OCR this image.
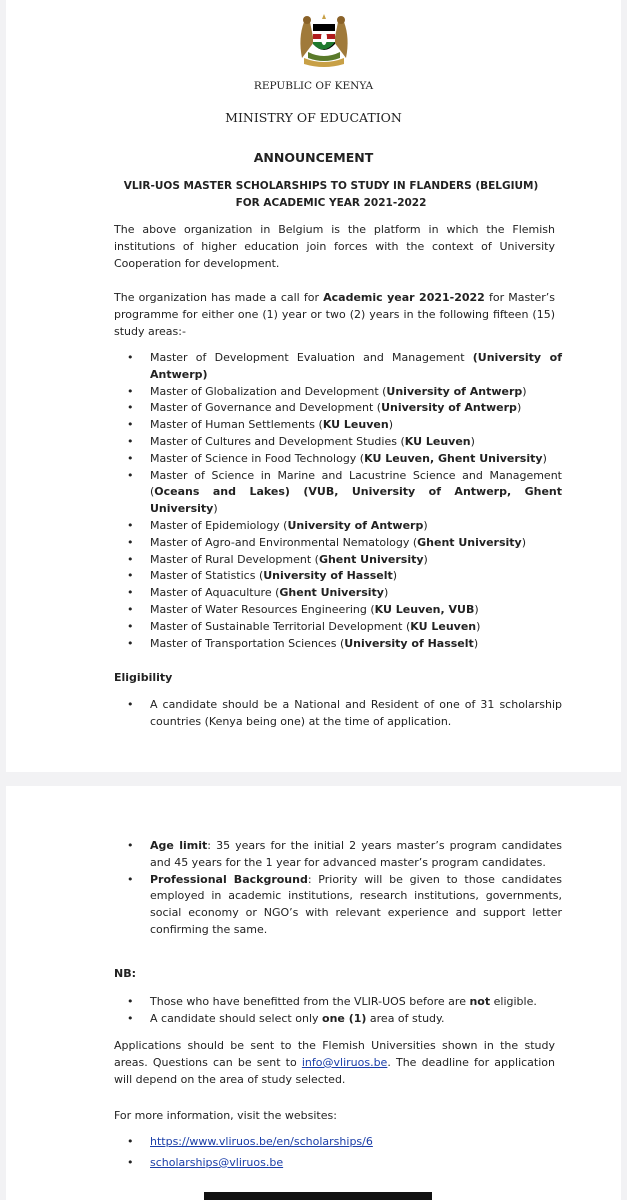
REPUBLIC OF KENYA
MINISTRY OF EDUCATION
ANNOUNCEMENT
VLIR-UOS MASTER SCHOLARSHIPS TO STUDY IN FLANDERS (BELGIUM) FOR ACADEMIC YEAR 2021-2022
The above organization in Belgium is the platform in which the Flemish institutions of higher education join forces with the context of University Cooperation for development.
The organization has made a call for Academic year 2021-2022 for Master’s programme for either one (1) year or two (2) years in the following fifteen (15) study areas:-
• Master of Development Evaluation and Management (University of Antwerp)
• Master of Globalization and Development (University of Antwerp)
• Master of Governance and Development (University of Antwerp)
• Master of Human Settlements (KU Leuven)
• Master of Cultures and Development Studies (KU Leuven)
• Master of Science in Food Technology (KU Leuven, Ghent University)
• Master of Science in Marine and Lacustrine Science and Management (Oceans and Lakes) (VUB, University of Antwerp, Ghent University)
• Master of Epidemiology (University of Antwerp)
• Master of Agro-and Environmental Nematology (Ghent University)
• Master of Rural Development (Ghent University)
• Master of Statistics (University of Hasselt)
• Master of Aquaculture (Ghent University)
• Master of Water Resources Engineering (KU Leuven, VUB)
• Master of Sustainable Territorial Development (KU Leuven)
• Master of Transportation Sciences (University of Hasselt)
Eligibility
• A candidate should be a National and Resident of one of 31 scholarship countries (Kenya being one) at the time of application.
• Age limit: 35 years for the initial 2 years master’s program candidates and 45 years for the 1 year for advanced master’s program candidates.
• Professional Background: Priority will be given to those candidates employed in academic institutions, research institutions, governments, social economy or NGO’s with relevant experience and support letter confirming the same.
NB:
• Those who have benefitted from the VLIR-UOS before are not eligible.
• A candidate should select only one (1) area of study.
Applications should be sent to the Flemish Universities shown in the study areas. Questions can be sent to info@vliruos.be. The deadline for application will depend on the area of study selected.
For more information, visit the websites:
• https://www.vliruos.be/en/scholarships/6
• scholarships@vliruos.be
